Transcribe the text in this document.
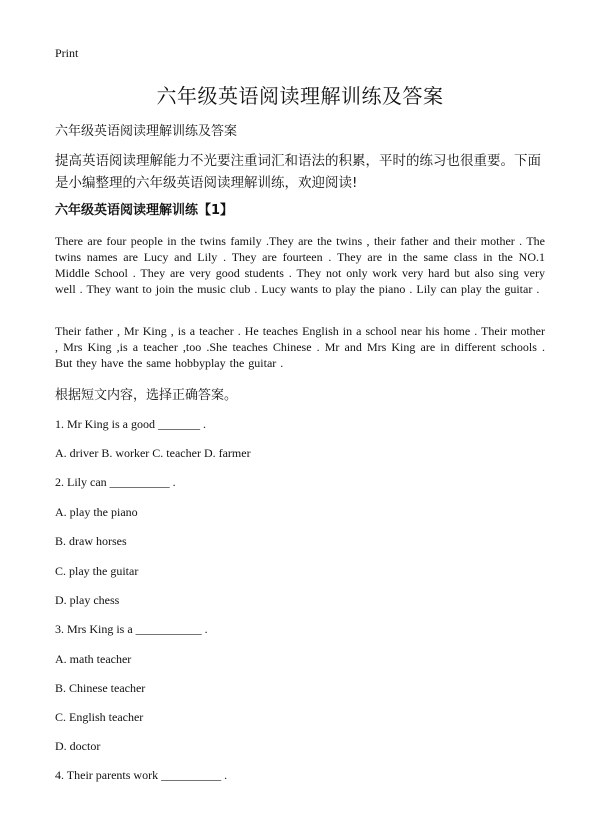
Print
六年级英语阅读理解训练及答案
六年级英语阅读理解训练及答案
提高英语阅读理解能力不光要注重词汇和语法的积累，平时的练习也很重要。下面是小编整理的六年级英语阅读理解训练，欢迎阅读!
六年级英语阅读理解训练【1】
There are four people in the twins family .They are the twins , their father and their mother . The twins names are Lucy and Lily . They are fourteen . They are in the same class in the NO.1 Middle School . They are very good students . They not only work very hard but also sing very well . They want to join the music club . Lucy wants to play the piano . Lily can play the guitar .
Their father , Mr King , is a teacher . He teaches English in a school near his home . Their mother , Mrs King ,is a teacher ,too .She teaches Chinese . Mr and Mrs King are in different schools . But they have the same hobbyplay the guitar .
根据短文内容，选择正确答案。
1. Mr King is a good _______ .
A. driver B. worker C. teacher D. farmer
2. Lily can __________ .
A. play the piano
B. draw horses
C. play the guitar
D. play chess
3. Mrs King is a ___________ .
A. math teacher
B. Chinese teacher
C. English teacher
D. doctor
4. Their parents work __________ .
